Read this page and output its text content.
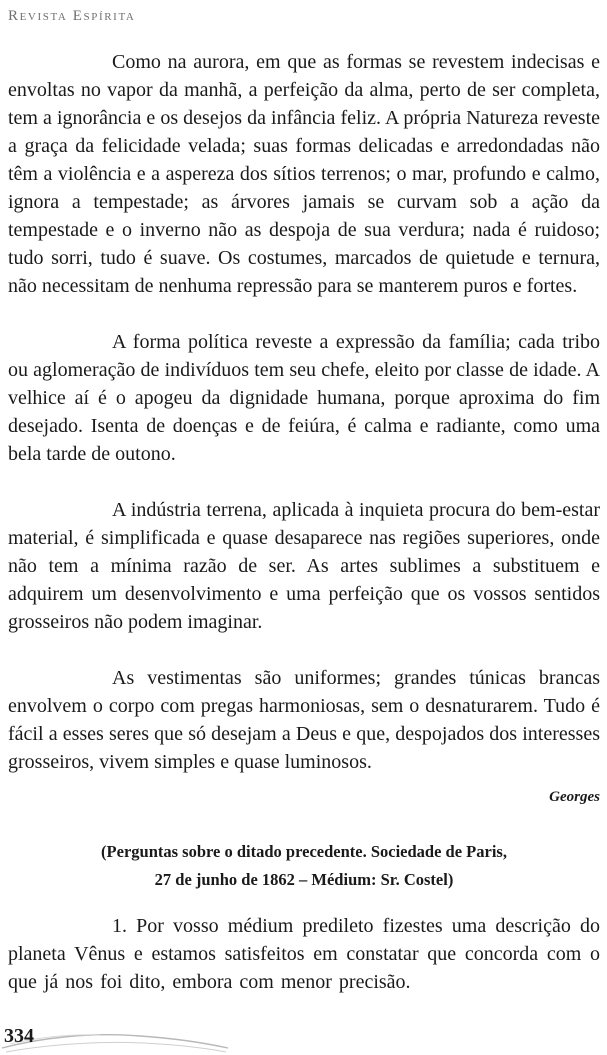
Revista Espírita

Como na aurora, em que as formas se revestem indecisas e envoltas no vapor da manhã, a perfeição da alma, perto de ser completa, tem a ignorância e os desejos da infância feliz. A própria Natureza reveste a graça da felicidade velada; suas formas delicadas e arredondadas não têm a violência e a aspereza dos sítios terrenos; o mar, profundo e calmo, ignora a tempestade; as árvores jamais se curvam sob a ação da tempestade e o inverno não as despoja de sua verdura; nada é ruidoso; tudo sorri, tudo é suave. Os costumes, marcados de quietude e ternura, não necessitam de nenhuma repressão para se manterem puros e fortes.

A forma política reveste a expressão da família; cada tribo ou aglomeração de indivíduos tem seu chefe, eleito por classe de idade. A velhice aí é o apogeu da dignidade humana, porque aproxima do fim desejado. Isenta de doenças e de feiúra, é calma e radiante, como uma bela tarde de outono.

A indústria terrena, aplicada à inquieta procura do bem-estar material, é simplificada e quase desaparece nas regiões superiores, onde não tem a mínima razão de ser. As artes sublimes a substituem e adquirem um desenvolvimento e uma perfeição que os vossos sentidos grosseiros não podem imaginar.

As vestimentas são uniformes; grandes túnicas brancas envolvem o corpo com pregas harmoniosas, sem o desnaturarem. Tudo é fácil a esses seres que só desejam a Deus e que, despojados dos interesses grosseiros, vivem simples e quase luminosos.

Georges
(Perguntas sobre o ditado precedente. Sociedade de Paris,
27 de junho de 1862 – Médium: Sr. Costel)

1. Por vosso médium predileto fizestes uma descrição do planeta Vênus e estamos satisfeitos em constatar que concorda com o que já nos foi dito, embora com menor precisão.

334
